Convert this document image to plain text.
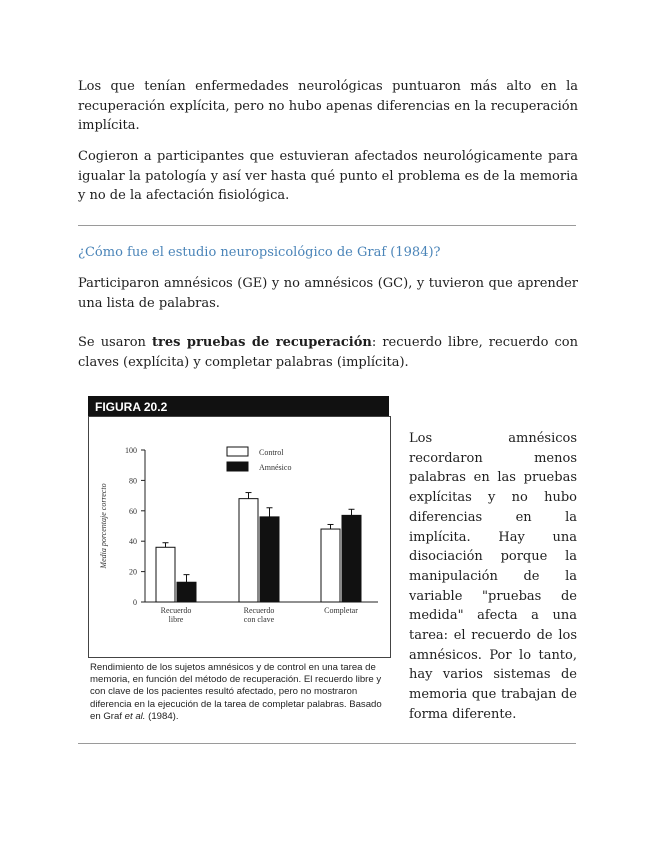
Los que tenían enfermedades neurológicas puntuaron más alto en la recuperación explícita, pero no hubo apenas diferencias en la recuperación implícita.

Cogieron a participantes que estuvieran afectados neurológicamente para igualar la patología y así ver hasta qué punto el problema es de la memoria y no de la afectación fisiológica.

¿Cómo fue el estudio neuropsicológico de Graf (1984)?

Participaron amnésicos (GE) y no amnésicos (GC), y tuvieron que aprender una lista de palabras.

Se usaron tres pruebas de recuperación: recuerdo libre, recuerdo con claves (explícita) y completar palabras (implícita).

FIGURA 20.2
0
20
40
60
80
100
Media porcentaje correcto
Recuerdo
libre
Recuerdo
con clave
Completar
Control
Amnésico

Rendimiento de los sujetos amnésicos y de control en una tarea de memoria, en función del método de recuperación. El recuerdo libre y con clave de los pacientes resultó afectado, pero no mostraron diferencia en la ejecución de la tarea de completar palabras. Basado en Graf et al. (1984).

Los amnésicos recordaron menos palabras en las pruebas explícitas y no hubo diferencias en la implícita. Hay una disociación porque la manipulación de la variable "pruebas de medida" afecta a una tarea: el recuerdo de los amnésicos. Por lo tanto, hay varios sistemas de memoria que trabajan de forma diferente.
